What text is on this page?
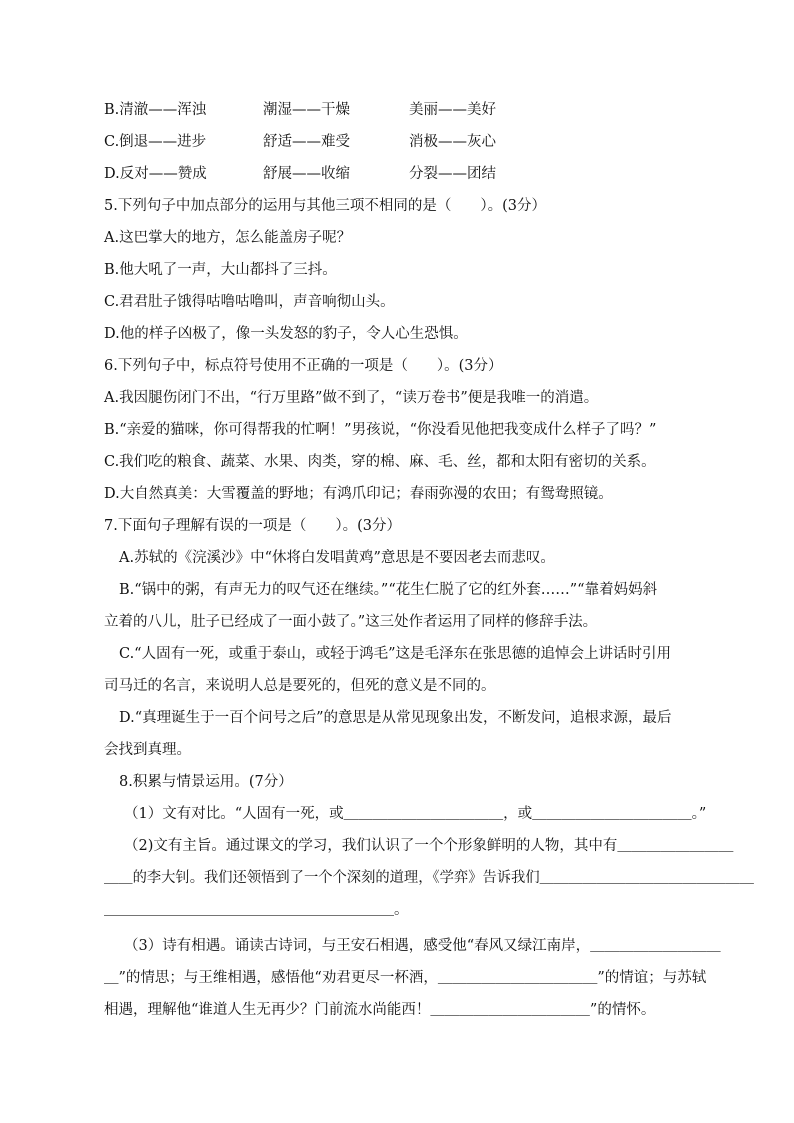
B.清澈——浑浊	潮湿——干燥	美丽——美好
C.倒退——进步	舒适——难受	消极——灰心
D.反对——赞成	舒展——收缩	分裂——团结
5.下列句子中加点部分的运用与其他三项不相同的是（　　）。(3分）
A.这巴掌大的地方，怎么能盖房子呢？
B.他大吼了一声，大山都抖了三抖。
C.君君肚子饿得咕噜咕噜叫，声音响彻山头。
D.他的样子凶极了，像一头发怒的豹子，令人心生恐惧。
6.下列句子中，标点符号使用不正确的一项是（　　）。(3分）
A.我因腿伤闭门不出，“行万里路”做不到了，“读万卷书”便是我唯一的消遣。
B.“亲爱的猫咪，你可得帮我的忙啊！”男孩说，“你没看见他把我变成什么样子了吗？”
C.我们吃的粮食、蔬菜、水果、肉类，穿的棉、麻、毛、丝，都和太阳有密切的关系。
D.大自然真美：大雪覆盖的野地；有鸿爪印记；春雨弥漫的农田；有鸳鸯照镜。
7.下面句子理解有误的一项是（　　）。(3分）
A.苏轼的《浣溪沙》中“休将白发唱黄鸡”意思是不要因老去而悲叹。
B.“锅中的粥，有声无力的叹气还在继续。”“花生仁脱了它的红外套……”“靠着妈妈斜
立着的八儿，肚子已经成了一面小鼓了。”这三处作者运用了同样的修辞手法。
C.“人固有一死，或重于泰山，或轻于鸿毛”这是毛泽东在张思德的追悼会上讲话时引用
司马迁的名言，来说明人总是要死的，但死的意义是不同的。
D.“真理诞生于一百个问号之后”的意思是从常见现象出发，不断发问，追根求源，最后
会找到真理。
8.积累与情景运用。(7分）
（1）文有对比。“人固有一死，或＿＿＿＿＿＿＿＿＿＿＿，或＿＿＿＿＿＿＿＿＿＿＿。”
（2)文有主旨。通过课文的学习，我们认识了一个个形象鲜明的人物，其中有＿＿＿＿＿＿＿＿
＿＿的李大钊。我们还领悟到了一个个深刻的道理，《学弈》告诉我们＿＿＿＿＿＿＿＿＿＿＿＿＿＿＿
＿＿＿＿＿＿＿＿＿＿＿＿＿＿＿＿＿＿＿＿。
（3）诗有相遇。诵读古诗词，与王安石相遇，感受他“春风又绿江南岸，＿＿＿＿＿＿＿＿＿
＿”的情思；与王维相遇，感悟他“劝君更尽一杯酒，＿＿＿＿＿＿＿＿＿＿＿”的情谊；与苏轼
相遇，理解他“谁道人生无再少？门前流水尚能西！＿＿＿＿＿＿＿＿＿＿＿”的情怀。
